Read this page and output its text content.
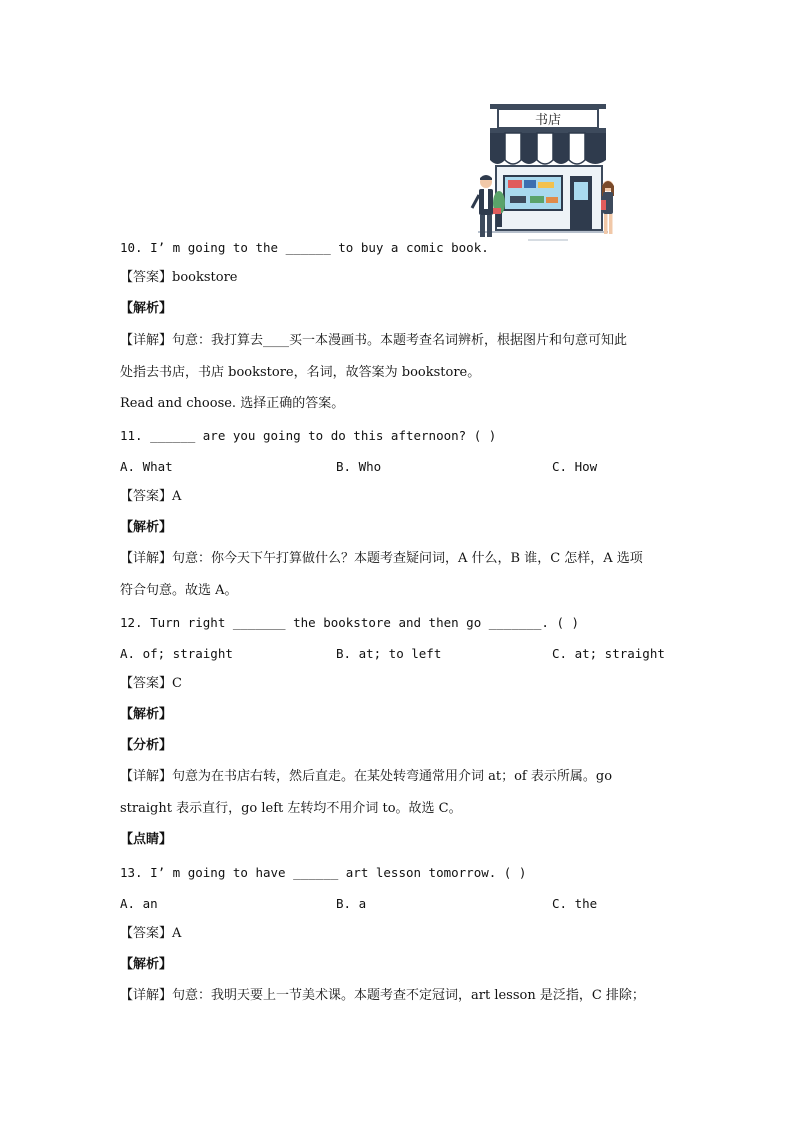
书店
10. I’ m going to the ______ to buy a comic book.
【答案】bookstore
【解析】
【详解】句意：我打算去____买一本漫画书。本题考查名词辨析，根据图片和句意可知此
处指去书店，书店 bookstore，名词，故答案为 bookstore。
Read and choose. 选择正确的答案。
11. ______ are you going to do this afternoon? ( )
A. What	B. Who	C. How
【答案】A
【解析】
【详解】句意：你今天下午打算做什么？本题考查疑问词，A 什么，B 谁，C 怎样，A 选项
符合句意。故选 A。
12. Turn right _______ the bookstore and then go _______. ( )
A. of; straight	B. at; to left	C. at; straight
【答案】C
【解析】
【分析】
【详解】句意为在书店右转，然后直走。在某处转弯通常用介词 at；of 表示所属。go
straight 表示直行，go left 左转均不用介词 to。故选 C。
【点睛】
13. I’ m going to have ______ art lesson tomorrow. ( )
A. an	B. a	C. the
【答案】A
【解析】
【详解】句意：我明天要上一节美术课。本题考查不定冠词，art lesson 是泛指，C 排除；
